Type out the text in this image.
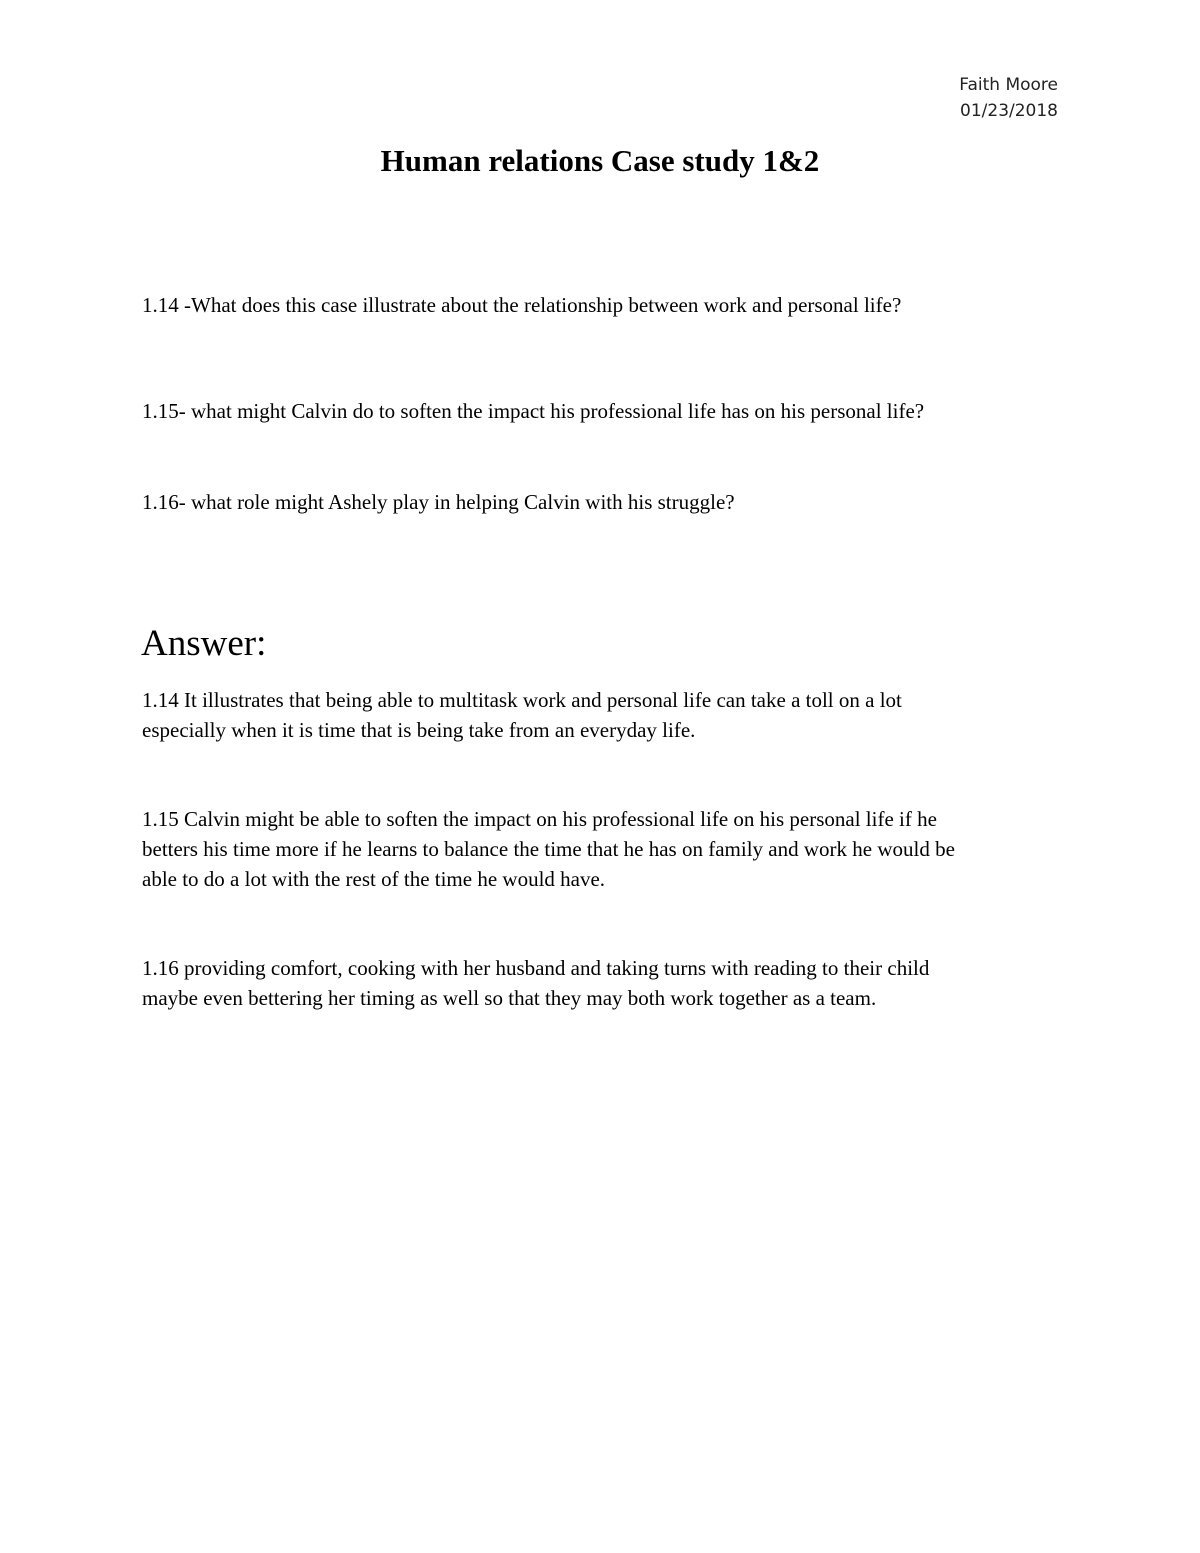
Faith Moore
01/23/2018
Human relations Case study 1&2

1.14 -What does this case illustrate about the relationship between work and personal life?

1.15- what might Calvin do to soften the impact his professional life has on his personal life?

1.16- what role might Ashely play in helping Calvin with his struggle?

Answer:

1.14 It illustrates that being able to multitask work and personal life can take a toll on a lot
especially when it is time that is being take from an everyday life.

1.15 Calvin might be able to soften the impact on his professional life on his personal life if he
betters his time more if he learns to balance the time that he has on family and work he would be
able to do a lot with the rest of the time he would have.

1.16 providing comfort, cooking with her husband and taking turns with reading to their child
maybe even bettering her timing as well so that they may both work together as a team.
